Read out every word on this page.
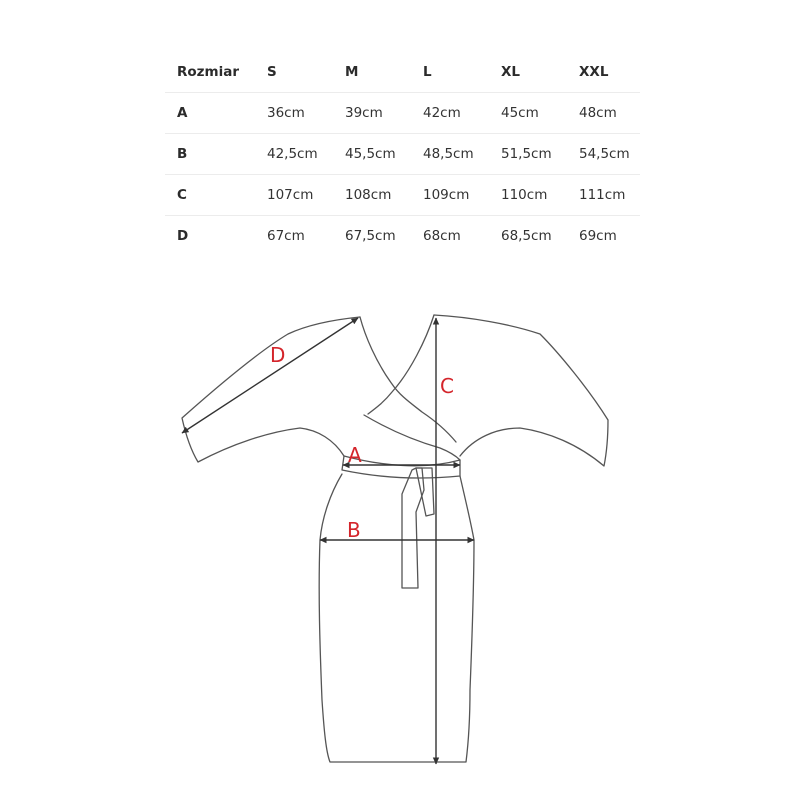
Rozmiar	S	M	L	XL	XXL
A	36cm	39cm	42cm	45cm	48cm
B	42,5cm	45,5cm	48,5cm	51,5cm	54,5cm
C	107cm	108cm	109cm	110cm	111cm
D	67cm	67,5cm	68cm	68,5cm	69cm
D
C
A
B
